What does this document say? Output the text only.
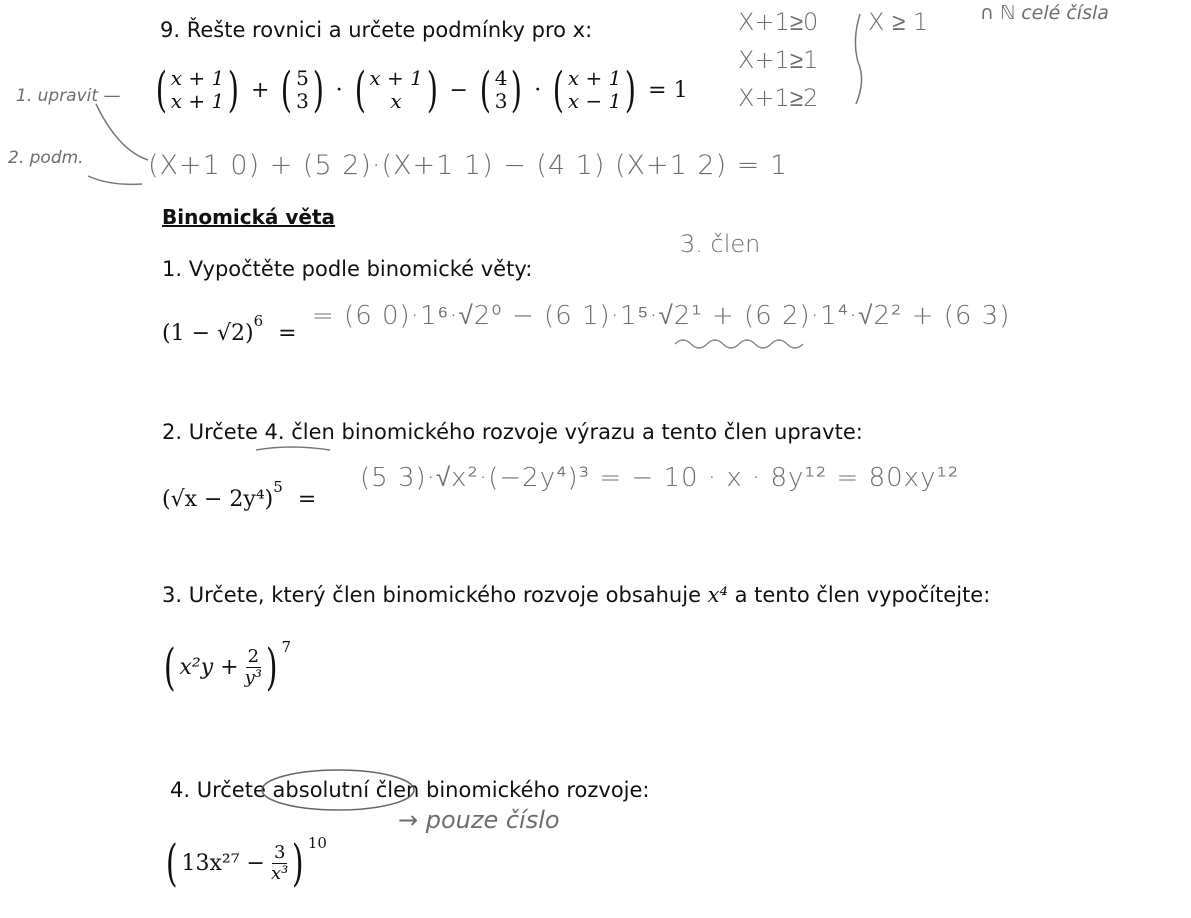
9. Řešte rovnici a určete podmínky pro x:
( x + 1
x + 1 ) + ( 5
3 ) · ( x + 1
x ) − ( 4
3 ) · ( x + 1
x − 1 ) = 1
1. upravit —
2. podm. (X+1 0) + (5 2)·(X+1 1) − (4 1) (X+1 2) = 1
X+1≥0
X+1≥1
X+1≥2
X ≥ 1	∩ ℕ celé čísla
Binomická věta
1. Vypočtěte podle binomické věty:
3. člen
$(1 - √2)^6$ =
= (6 0)·1⁶·√2⁰ − (6 1)·1⁵·√2¹ + (6 2)·1⁴·√2² + (6 3)
2. Určete 4. člen binomického rozvoje výrazu a tento člen upravte:
$(√x - 2y^4)^5$ =
(5 3)·√x²·(−2y⁴)³ = − 10 · x · 8y¹² = 80xy¹²
3. Určete, který člen binomického rozvoje obsahuje x⁴ a tento člen vypočítejte:
( $x^2y + \frac{2}{\text{y³}}$ ) 7
4. Určete absolutní člen binomického rozvoje:
→ pouze číslo
( $13x^{27} - \frac{3}{\text{x³}}$ ) 10
